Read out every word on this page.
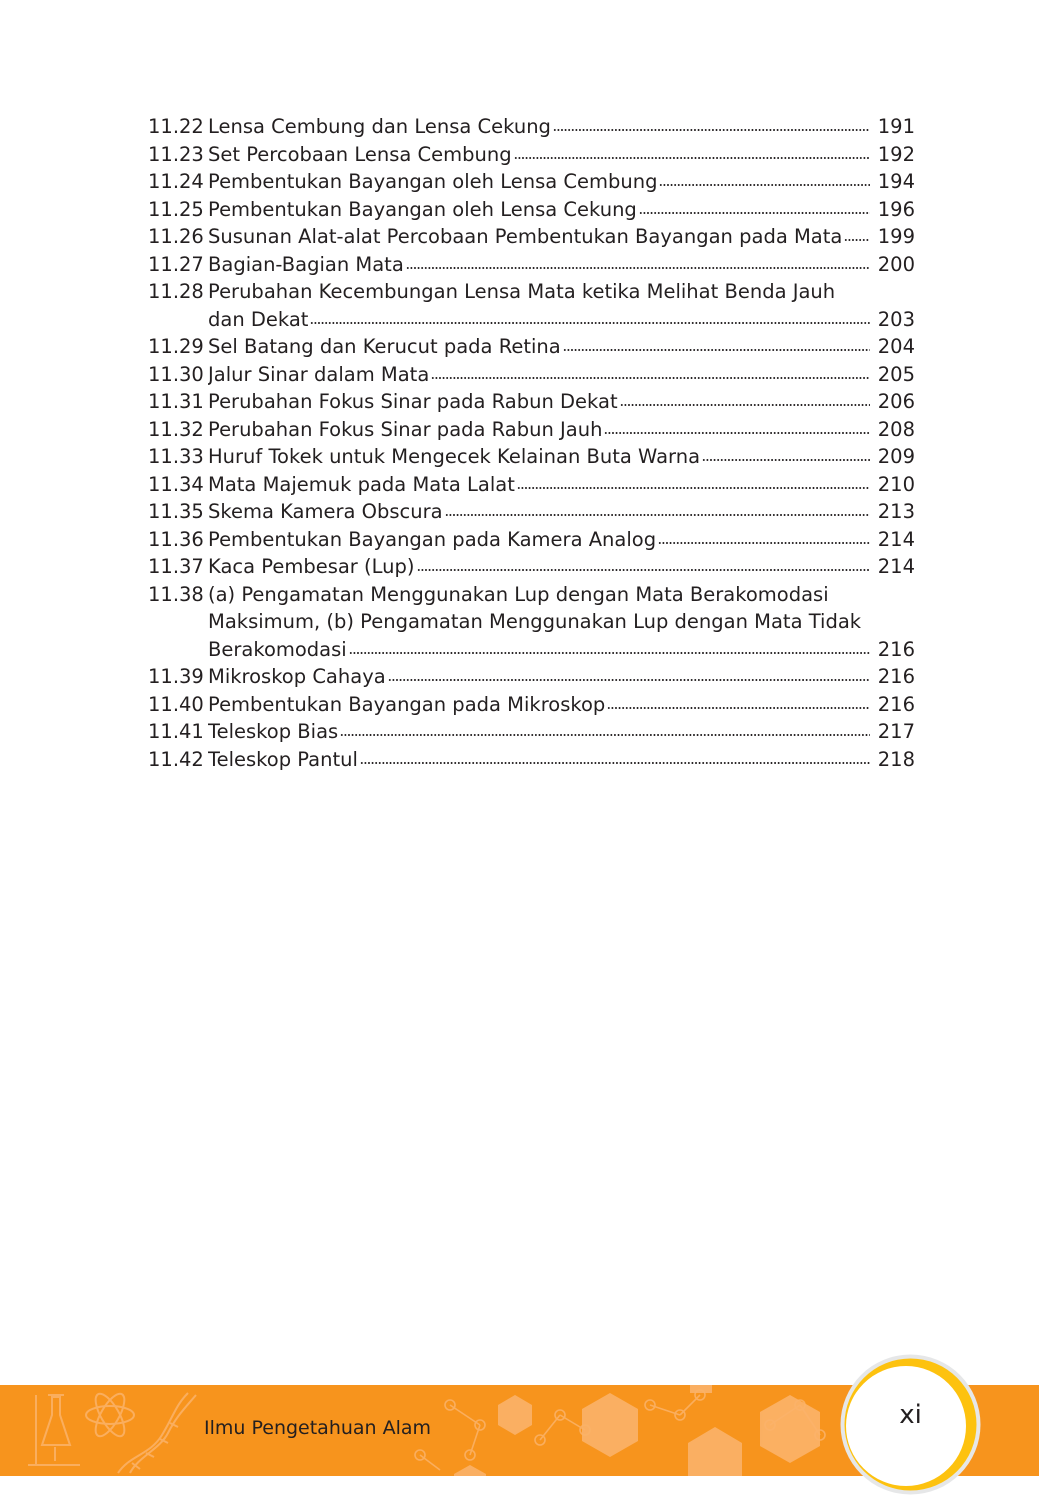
11.22 Lensa Cembung dan Lensa Cekung	191
11.23 Set Percobaan Lensa Cembung	192
11.24 Pembentukan Bayangan oleh Lensa Cembung	194
11.25 Pembentukan Bayangan oleh Lensa Cekung	196
11.26 Susunan Alat-alat Percobaan Pembentukan Bayangan pada Mata 199
11.27 Bagian-Bagian Mata	200
11.28 Perubahan Kecembungan Lensa Mata ketika Melihat Benda Jauh
dan Dekat	203
11.29 Sel Batang dan Kerucut pada Retina	204
11.30 Jalur Sinar dalam Mata	205
11.31 Perubahan Fokus Sinar pada Rabun Dekat	206
11.32 Perubahan Fokus Sinar pada Rabun Jauh	208
11.33 Huruf Tokek untuk Mengecek Kelainan Buta Warna	209
11.34 Mata Majemuk pada Mata Lalat	210
11.35 Skema Kamera Obscura	213
11.36 Pembentukan Bayangan pada Kamera Analog	214
11.37 Kaca Pembesar (Lup)	214
11.38 (a) Pengamatan Menggunakan Lup dengan Mata Berakomodasi
Maksimum, (b) Pengamatan Menggunakan Lup dengan Mata Tidak
Berakomodasi	216
11.39 Mikroskop Cahaya	216
11.40 Pembentukan Bayangan pada Mikroskop	216
11.41 Teleskop Bias	217
11.42 Teleskop Pantul	218
Ilmu Pengetahuan Alam	xi
